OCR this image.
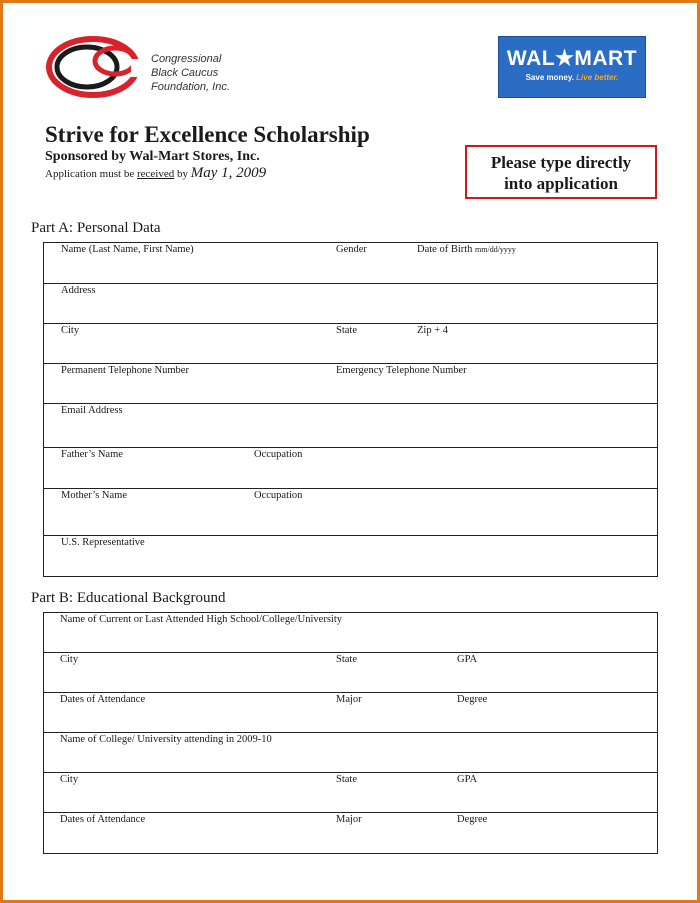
Congressional
Black Caucus
Foundation, Inc.
WAL★MART
Save money. Live better.
Strive for Excellence Scholarship
Sponsored by Wal-Mart Stores, Inc.
Application must be received by May 1, 2009
Please type directly
into application
Part A: Personal Data
Name (Last Name, First Name)	Gender	Date of Birth mm/dd/yyyy
Address
City	State	Zip + 4
Permanent Telephone Number	Emergency Telephone Number
Email Address
Father’s Name	Occupation
Mother’s Name	Occupation
U.S. Representative
Part B: Educational Background
Name of Current or Last Attended High School/College/University
City	State	GPA
Dates of Attendance	Major	Degree
Name of College/ University attending in 2009-10
City	State	GPA
Dates of Attendance	Major	Degree
